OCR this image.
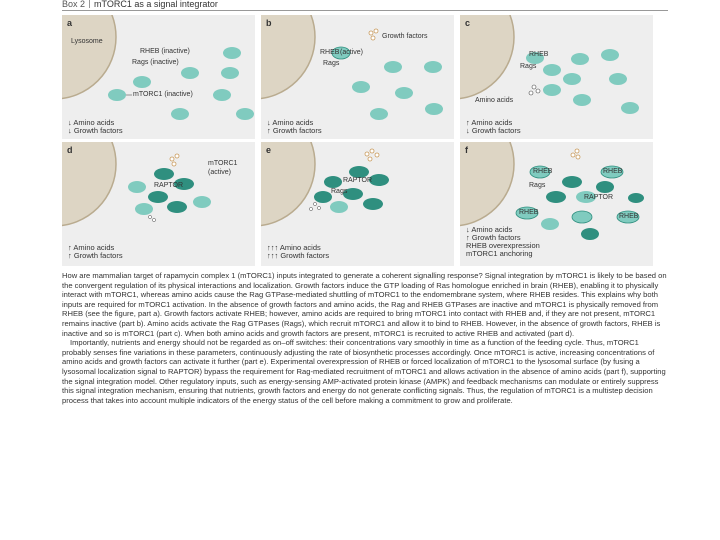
Box 2 mTORC1 as a signal integrator
a
Lysosome
RHEB (inactive)
Rags (inactive)
mTORC1 (inactive)
↓ Amino acids
↓ Growth factors
b
RHEB (active)
Growth factors
Rags
↓ Amino acids
↑ Growth factors
c
RHEB
Rags
Amino acids
↑ Amino acids
↓ Growth factors
d
mTORC1
(active)
RAPTOR
↑ Amino acids
↑ Growth factors
e
RAPTOR
Rags
↑↑↑ Amino acids
↑↑↑ Growth factors
f
RHEB	RHEB
Rags
RAPTOR
RHEB
RHEB
↓ Amino acids
↑ Growth factors
RHEB overexpression
mTORC1 anchoring

How are mammalian target of rapamycin complex 1 (mTORC1) inputs integrated to generate a coherent signalling response? Signal integration by mTORC1 is likely to be based on the convergent regulation of its physical interactions and localization. Growth factors induce the GTP loading of Ras homologue enriched in brain (RHEB), enabling it to physically interact with mTORC1, whereas amino acids cause the Rag GTPase-mediated shuttling of mTORC1 to the endomembrane system, where RHEB resides. This explains why both inputs are required for mTORC1 activation. In the absence of growth factors and amino acids, the Rag and RHEB GTPases are inactive and mTORC1 is physically removed from RHEB (see the figure, part a). Growth factors activate RHEB; however, amino acids are required to bring mTORC1 into contact with RHEB and, if they are not present, mTORC1 remains inactive (part b). Amino acids activate the Rag GTPases (Rags), which recruit mTORC1 and allow it to bind to RHEB. However, in the absence of growth factors, RHEB is inactive and so is mTORC1 (part c). When both amino acids and growth factors are present, mTORC1 is recruited to active RHEB and activated (part d).

Importantly, nutrients and energy should not be regarded as on–off switches: their concentrations vary smoothly in time as a function of the feeding cycle. Thus, mTORC1 probably senses fine variations in these parameters, continuously adjusting the rate of biosynthetic processes accordingly. Once mTORC1 is active, increasing concentrations of amino acids and growth factors can activate it further (part e). Experimental overexpression of RHEB or forced localization of mTORC1 to the lysosomal surface (by fusing a lysosomal localization signal to RAPTOR) bypass the requirement for Rag-mediated recruitment of mTORC1 and allows activation in the absence of amino acids (part f), supporting the signal integration model. Other regulatory inputs, such as energy-sensing AMP-activated protein kinase (AMPK) and feedback mechanisms can modulate or entirely suppress this signal integration mechanism, ensuring that nutrients, growth factors and energy do not generate conflicting signals. Thus, the regulation of mTORC1 is a multistep decision process that takes into account multiple indicators of the energy status of the cell before making a commitment to grow and proliferate.
